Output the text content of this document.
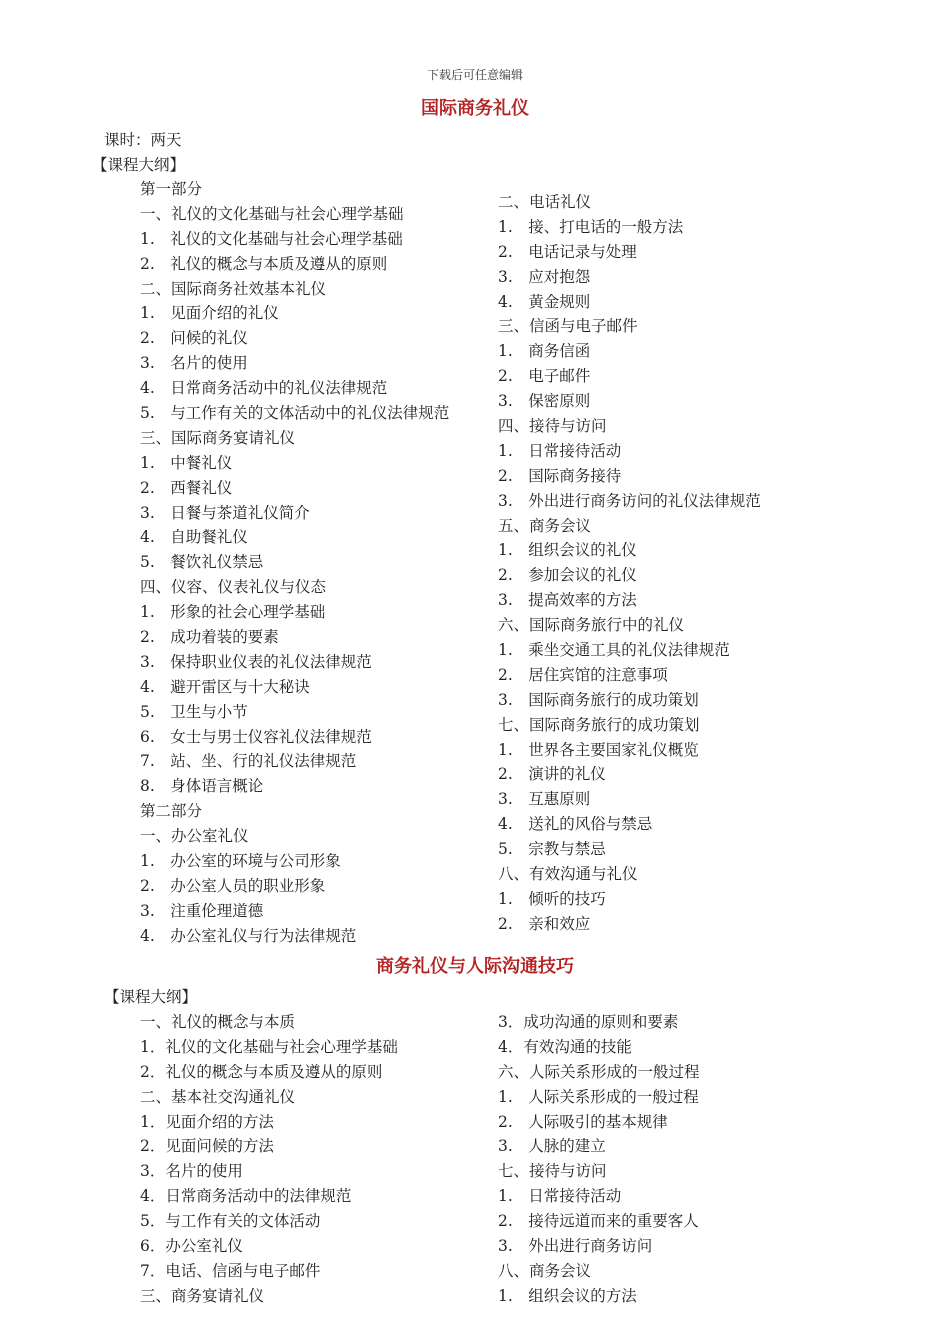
下载后可任意编辑
国际商务礼仪
课时：两天
【课程大纲】
第一部分
一、礼仪的文化基础与社会心理学基础
1.　礼仪的文化基础与社会心理学基础
2.　礼仪的概念与本质及遵从的原则
二、国际商务社效基本礼仪
1.　见面介绍的礼仪
2.　问候的礼仪
3.　名片的使用
4.　日常商务活动中的礼仪法律规范
5.　与工作有关的文体活动中的礼仪法律规范
三、国际商务宴请礼仪
1.　中餐礼仪
2.　西餐礼仪
3.　日餐与茶道礼仪简介
4.　自助餐礼仪
5.　餐饮礼仪禁忌
四、仪容、仪表礼仪与仪态
1.　形象的社会心理学基础
2.　成功着装的要素
3.　保持职业仪表的礼仪法律规范
4.　避开雷区与十大秘诀
5.　卫生与小节
6.　女士与男士仪容礼仪法律规范
7.　站、坐、行的礼仪法律规范
8.　身体语言概论
第二部分
一、办公室礼仪
1.　办公室的环境与公司形象
2.　办公室人员的职业形象
3.　注重伦理道德
4.　办公室礼仪与行为法律规范
二、电话礼仪
1.　接、打电话的一般方法
2.　电话记录与处理
3.　应对抱怨
4.　黄金规则
三、信函与电子邮件
1.　商务信函
2.　电子邮件
3.　保密原则
四、接待与访问
1.　日常接待活动
2.　国际商务接待
3.　外出进行商务访问的礼仪法律规范
五、商务会议
1.　组织会议的礼仪
2.　参加会议的礼仪
3.　提高效率的方法
六、国际商务旅行中的礼仪
1.　乘坐交通工具的礼仪法律规范
2.　居住宾馆的注意事项
3.　国际商务旅行的成功策划
七、国际商务旅行的成功策划
1.　世界各主要国家礼仪概览
2.　演讲的礼仪
3.　互惠原则
4.　送礼的风俗与禁忌
5.　宗教与禁忌
八、有效沟通与礼仪
1.　倾听的技巧
2.　亲和效应
商务礼仪与人际沟通技巧
【课程大纲】
一、礼仪的概念与本质
1．礼仪的文化基础与社会心理学基础
2．礼仪的概念与本质及遵从的原则
二、基本社交沟通礼仪
1．见面介绍的方法
2．见面问候的方法
3．名片的使用
4．日常商务活动中的法律规范
5．与工作有关的文体活动
6．办公室礼仪
7．电话、信函与电子邮件
三、商务宴请礼仪
3．成功沟通的原则和要素
4．有效沟通的技能
六、人际关系形成的一般过程
1.　人际关系形成的一般过程
2.　人际吸引的基本规律
3.　人脉的建立
七、接待与访问
1.　日常接待活动
2.　接待远道而来的重要客人
3.　外出进行商务访问
八、商务会议
1.　组织会议的方法
